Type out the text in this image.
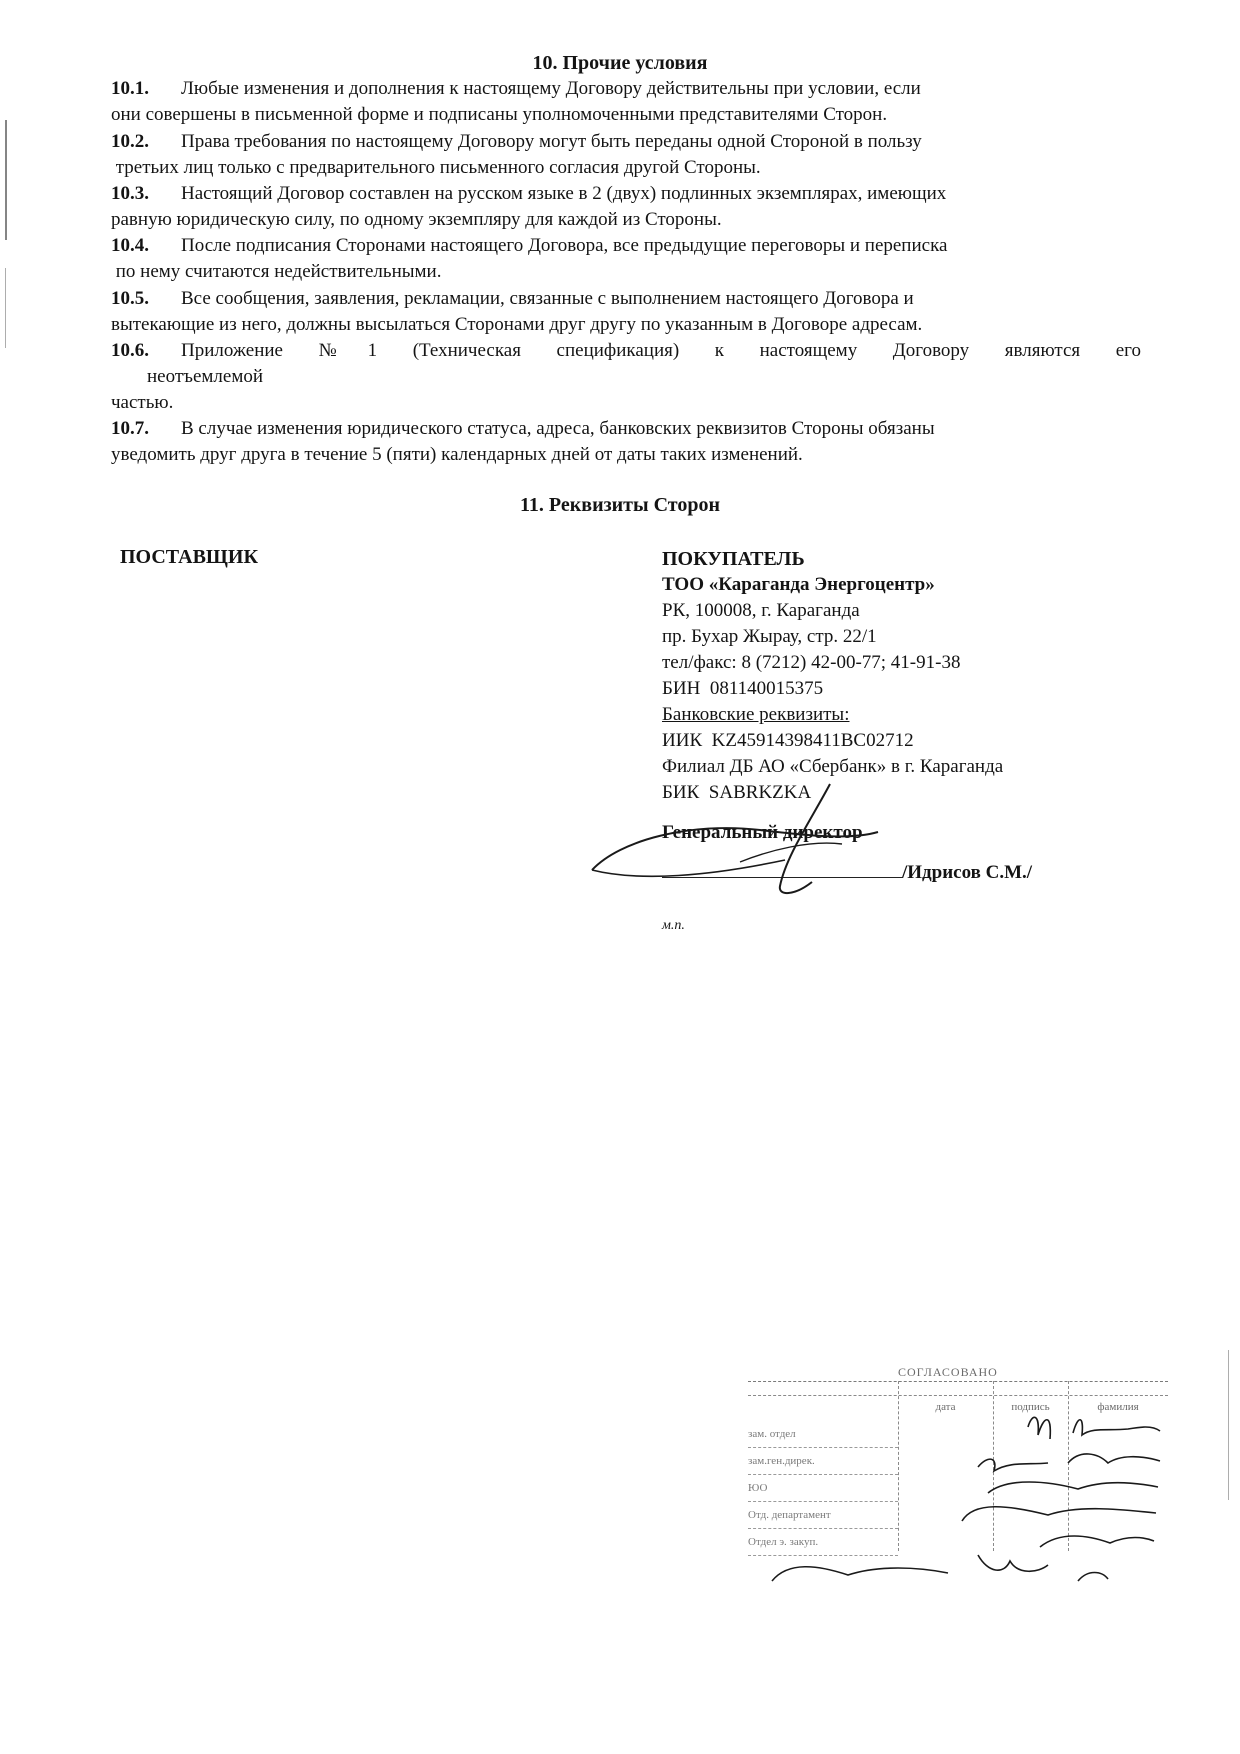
10. Прочие условия
10.1. Любые изменения и дополнения к настоящему Договору действительны при условии, если
они совершены в письменной форме и подписаны уполномоченными представителями Сторон.
10.2. Права требования по настоящему Договору могут быть переданы одной Стороной в пользу
третьих лиц только с предварительного письменного согласия другой Стороны.
10.3. Настоящий Договор составлен на русском языке в 2 (двух) подлинных экземплярах, имеющих
равную юридическую силу, по одному экземпляру для каждой из Стороны.
10.4. После подписания Сторонами настоящего Договора, все предыдущие переговоры и переписка
по нему считаются недействительными.
10.5. Все сообщения, заявления, рекламации, связанные с выполнением настоящего Договора и
вытекающие из него, должны высылаться Сторонами друг другу по указанным в Договоре адресам.
10.6. Приложение №1 (Техническая спецификация) к настоящему Договору являются его
неотъемлемой
частью.
10.7. В случае изменения юридического статуса, адреса, банковских реквизитов Стороны обязаны
уведомить друг друга в течение 5 (пяти) календарных дней от даты таких изменений.
11. Реквизиты Сторон
ПОСТАВЩИК	ПОКУПАТЕЛЬ
ТОО «Караганда Энергоцентр»
РК, 100008, г. Караганда
пр. Бухар Жырау, стр. 22/1
тел/факс: 8 (7212) 42-00-77; 41-91-38
БИН  081140015375
Банковские реквизиты:
ИИК  KZ45914398411BC02712
Филиал ДБ АО «Сбербанк» в г. Караганда
БИК  SABRKZKA
Генеральный директор
/Идрисов С.М./
м.п.
СОГЛАСОВАНО
дата	подпись	фамилия
зам. отдел
зам.ген.дирек.
ЮО
Отд. департамент
Отдел э. закуп.
